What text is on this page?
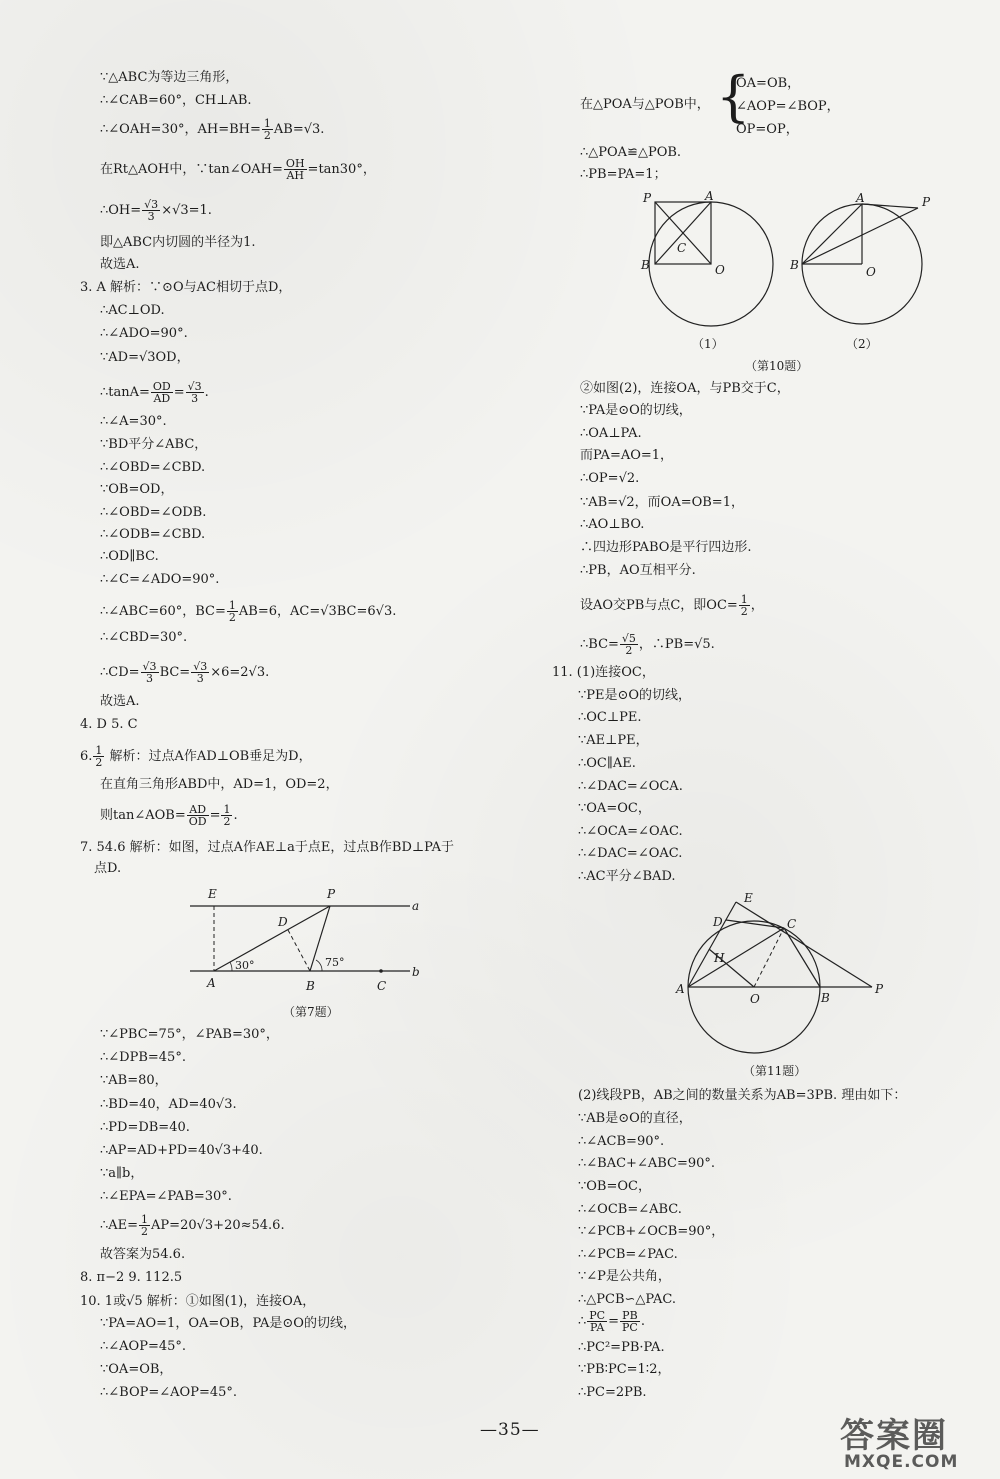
∵△ABC为等边三角形，
∴∠CAB=60°，CH⊥AB.
∴∠OAH=30°，$AH=BH= \frac{1}{2} AB=√3$.
在Rt△AOH中，∵tan∠OAH= $\frac{OH}{AH} =\tan 30^\circ$，
∴OH= $\frac{√3}{3} \times√3=1$.
即△ABC内切圆的半径为1.
故选A.
3. A 解析：∵⊙O与AC相切于点D，
∴AC⊥OD.
∴∠ADO=90°.
∵AD=√3OD，
∴tanA= $\frac{OD}{AD} = \frac{√3}{3}$ .
∴∠A=30°.
∵BD平分∠ABC，
∴∠OBD=∠CBD.
∵OB=OD，
∴∠OBD=∠ODB.
∴∠ODB=∠CBD.
∴OD∥BC.
∴∠C=∠ADO=90°.
∴∠ABC=60°，$BC= \frac{1}{2} AB=6$，AC=√3BC=6√3.
∴∠CBD=30°.
∴CD= $\frac{√3}{3} BC= \frac{√3}{3} \times 6=2√3$.
故选A.
4. D 5. C
6. $\frac{1}{2}$ 解析：过点A作AD⊥OB垂足为D，
在直角三角形ABD中，AD=1，OD=2，
则tan∠AOB= $\frac{AD}{OD} = \frac{1}{2}$ .
7. 54.6 解析：如图，过点A作AE⊥a于点E，过点B作BD⊥PA于
点D.
E	P
a
D
30°	75°
A	B	C
b
（第7题）
∵∠PBC=75°，∠PAB=30°，
∴∠DPB=45°.
∵AB=80，
∴BD=40，AD=40√3.
∴PD=DB=40.
∴AP=AD+PD=40√3+40.
∵a∥b，
∴∠EPA=∠PAB=30°.
∴AE= $\frac{1}{2} AP=20√3+20\approx 54.6$.
故答案为54.6.
8. π−2 9. 112.5
10. 1或√5 解析：①如图(1)，连接OA，
∵PA=AO=1，OA=OB，PA是⊙O的切线，
∴∠AOP=45°.
∵OA=OB，
∴∠BOP=∠AOP=45°.
在△POA与△POB中， {
OA=OB，
∠AOP=∠BOP，
OP=OP，
∴△POA≌△POB.
∴PB=PA=1；
P	A
C
B	O
（1）
A	P
B	O
（2）
（第10题）
②如图(2)，连接OA，与PB交于C，
∵PA是⊙O的切线，
∴OA⊥PA.
而PA=AO=1，
∴OP=√2.
∵AB=√2，而OA=OB=1，
∴AO⊥BO.
∴四边形PABO是平行四边形.
∴PB，AO互相平分.
设AO交PB与点C，即$OC= \frac{1}{2}$ ，
∴BC= $\frac{√5}{2}$ ，∴PB=√5.
11. (1)连接OC，
∵PE是⊙O的切线，
∴OC⊥PE.
∵AE⊥PE，
∴OC∥AE.
∴∠DAC=∠OCA.
∵OA=OC，
∴∠OCA=∠OAC.
∴∠DAC=∠OAC.
∴AC平分∠BAD.
E
D	C
H
A
O	B
P
（第11题）
(2)线段PB，AB之间的数量关系为AB=3PB. 理由如下：
∵AB是⊙O的直径，
∴∠ACB=90°.
∴∠BAC+∠ABC=90°.
∵OB=OC，
∴∠OCB=∠ABC.
∵∠PCB+∠OCB=90°，
∴∠PCB=∠PAC.
∵∠P是公共角，
∴△PCB∽△PAC.
∴ $\frac{PC}{PA} = \frac{PB}{PC}$ .
∴PC²=PB·PA.
∵PB∶PC=1∶2，
∴PC=2PB.
—35—	答案圈
MXQE.COM
